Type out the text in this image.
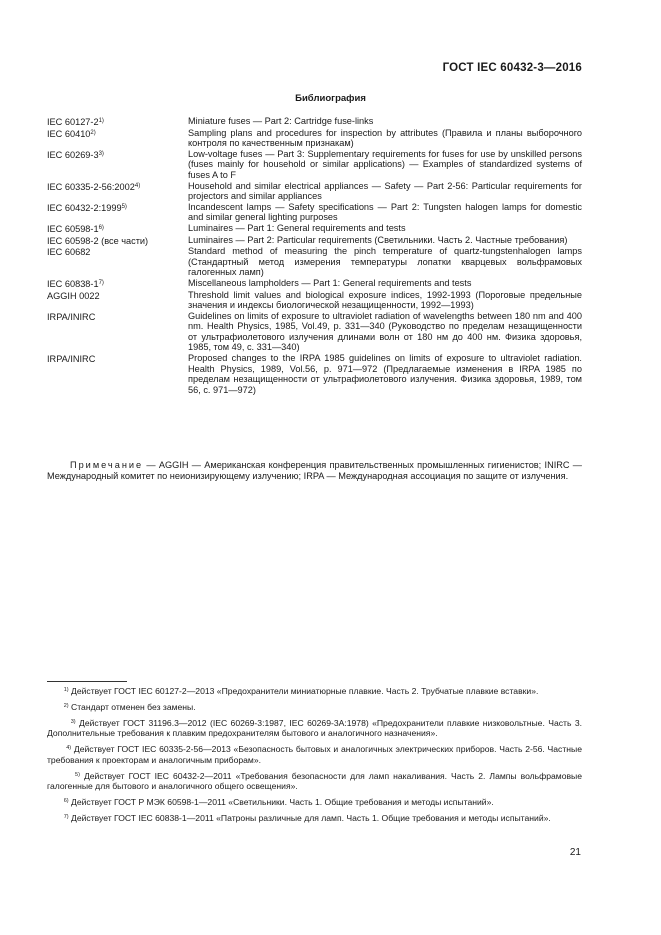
ГОСТ IEC 60432-3—2016
Библиография
IEC 60127-2$^{1)}$	Miniature fuses — Part 2: Cartridge fuse-links
IEC 60410$^{2)}$	Sampling plans and procedures for inspection by attributes (Правила и планы выборочного контроля по качественным признакам)
IEC 60269-3$^{3)}$	Low-voltage fuses — Part 3: Supplementary requirements for fuses for use by unskilled persons (fuses mainly for household or similar applications) — Examples of standardized systems of fuses A to F
IEC 60335-2-56:2002$^{4)}$	Household and similar electrical appliances — Safety — Part 2-56: Particular requirements for projectors and similar appliances
IEC 60432-2:1999$^{5)}$	Incandescent lamps — Safety specifications — Part 2: Tungsten halogen lamps for domestic and similar general lighting purposes
IEC 60598-1$^{6)}$	Luminaires — Part 1: General requirements and tests
IEC 60598-2 (все части)	Luminaires — Part 2: Particular requirements (Светильники. Часть 2. Частные требования)
IEC 60682	Standard method of measuring the pinch temperature of quartz-tungstenhalogen lamps (Стандартный метод измерения температуры лопатки кварцевых вольфрамовых галогенных ламп)
IEC 60838-1$^{7)}$	Miscellaneous lampholders — Part 1: General requirements and tests
AGGIH 0022	Threshold limit values and biological exposure indices, 1992-1993 (Пороговые предельные значения и индексы биологической незащищенности, 1992—1993)
IRPA/INIRC	Guidelines on limits of exposure to ultraviolet radiation of wavelengths between 180 nm and 400 nm. Health Physics, 1985, Vol.49, p. 331—340 (Руководство по пределам незащищенности от ультрафиолетового излучения длинами волн от 180 нм до 400 нм. Физика здоровья, 1985, том 49, с. 331—340)
IRPA/INIRC	Proposed changes to the IRPA 1985 guidelines on limits of exposure to ultraviolet radiation. Health Physics, 1989, Vol.56, p. 971—972 (Предлагаемые изменения в IRPA 1985 по пределам незащищенности от ультрафиолетового излучения. Физика здоровья, 1989, том 56, с. 971—972)
Примечание — AGGIH — Американская конференция правительственных промышленных гигиенистов; INIRC — Международный комитет по неионизирующему излучению; IRPA — Международная ассоциация по защите от излучения.
$^{1)}$ Действует ГОСТ IEC 60127-2—2013 «Предохранители миниатюрные плавкие. Часть 2. Трубчатые плавкие вставки».
$^{2)}$ Стандарт отменен без замены.
$^{3)}$ Действует ГОСТ 31196.3—2012 (IEC 60269-3:1987, IEC 60269-3A:1978) «Предохранители плавкие низковольтные. Часть 3. Дополнительные требования к плавким предохранителям бытового и аналогичного назначения».
$^{4)}$ Действует ГОСТ IEC 60335-2-56—2013 «Безопасность бытовых и аналогичных электрических приборов. Часть 2-56. Частные требования к проекторам и аналогичным приборам».
$^{5)}$ Действует ГОСТ IEC 60432-2—2011 «Требования безопасности для ламп накаливания. Часть 2. Лампы вольфрамовые галогенные для бытового и аналогичного общего освещения».
$^{6)}$ Действует ГОСТ Р МЭК 60598-1—2011 «Светильники. Часть 1. Общие требования и методы испытаний».
$^{7)}$ Действует ГОСТ IEC 60838-1—2011 «Патроны различные для ламп. Часть 1. Общие требования и методы испытаний».
21
